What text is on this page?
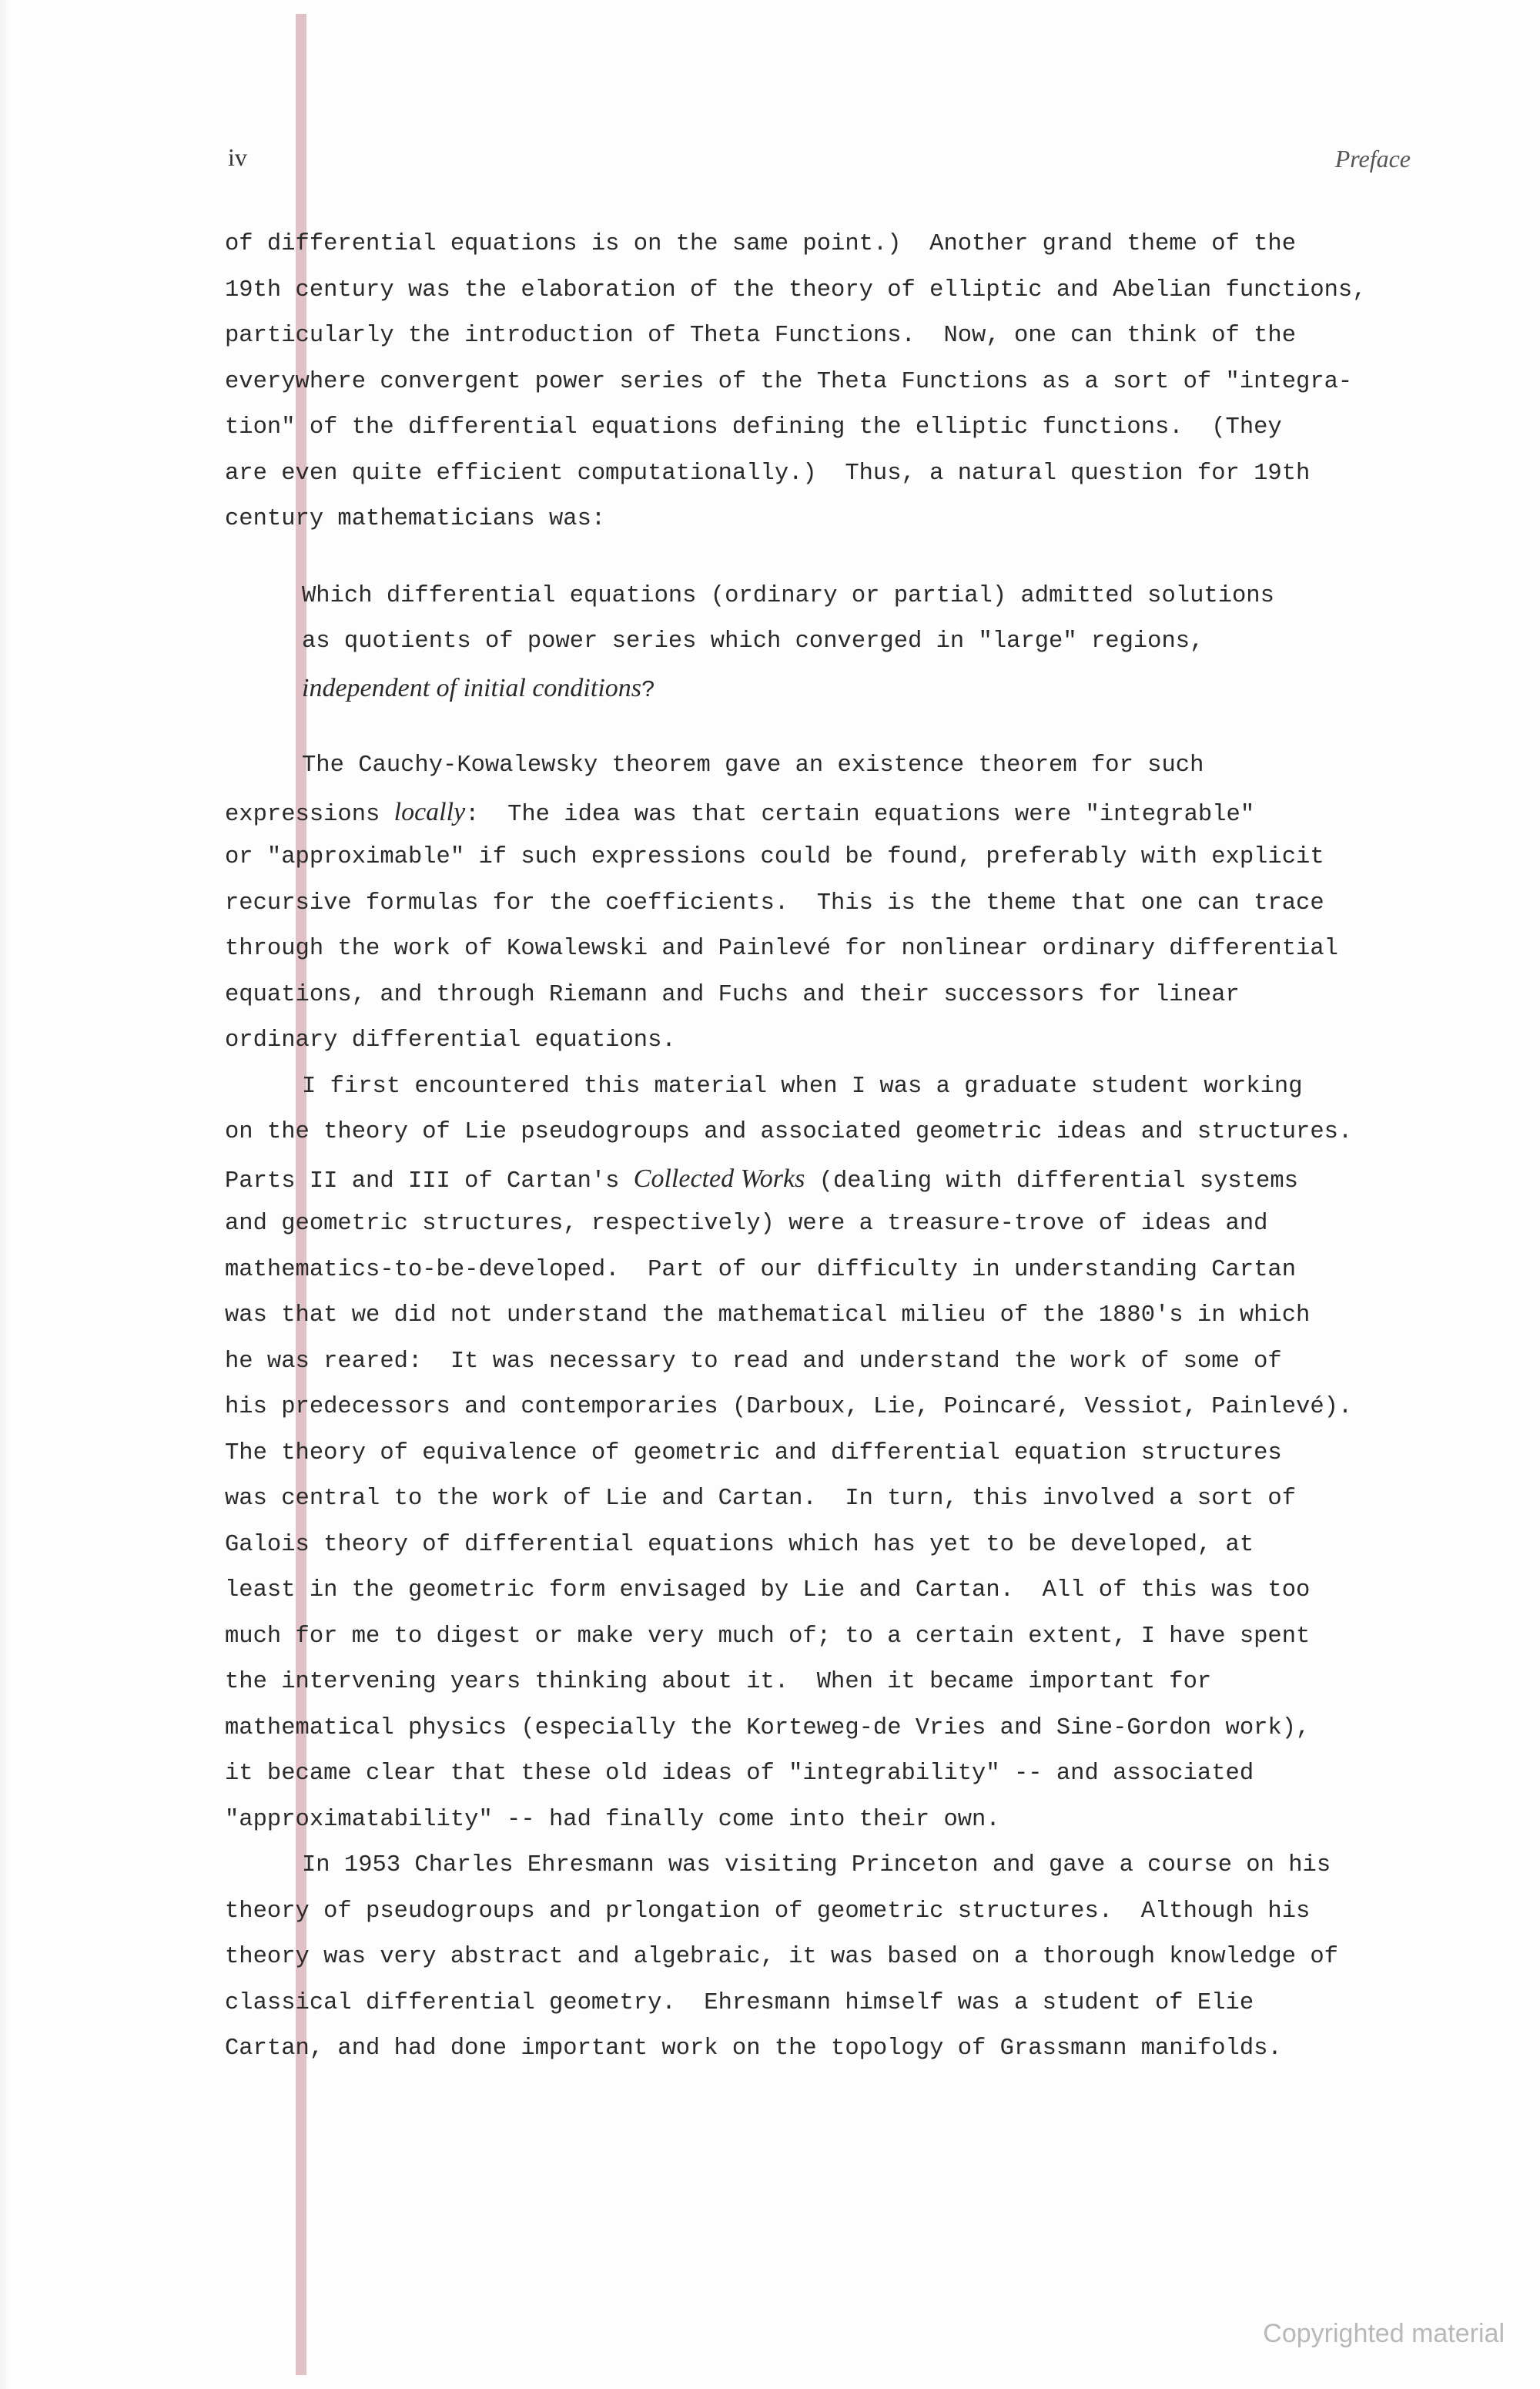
iv	Preface
of differential equations is on the same point.)  Another grand theme of the
19th century was the elaboration of the theory of elliptic and Abelian functions,
particularly the introduction of Theta Functions.  Now, one can think of the
everywhere convergent power series of the Theta Functions as a sort of "integra-
tion" of the differential equations defining the elliptic functions.  (They
are even quite efficient computationally.)  Thus, a natural question for 19th
century mathematicians was:
Which differential equations (ordinary or partial) admitted solutions
as quotients of power series which converged in "large" regions,
independent of initial conditions?
The Cauchy-Kowalewsky theorem gave an existence theorem for such
expressions locally:  The idea was that certain equations were "integrable"
or "approximable" if such expressions could be found, preferably with explicit
recursive formulas for the coefficients.  This is the theme that one can trace
through the work of Kowalewski and Painlevé for nonlinear ordinary differential
equations, and through Riemann and Fuchs and their successors for linear
ordinary differential equations.
I first encountered this material when I was a graduate student working
on the theory of Lie pseudogroups and associated geometric ideas and structures.
Parts II and III of Cartan's Collected Works (dealing with differential systems
and geometric structures, respectively) were a treasure-trove of ideas and
mathematics-to-be-developed.  Part of our difficulty in understanding Cartan
was that we did not understand the mathematical milieu of the 1880's in which
he was reared:  It was necessary to read and understand the work of some of
his predecessors and contemporaries (Darboux, Lie, Poincaré, Vessiot, Painlevé).
The theory of equivalence of geometric and differential equation structures
was central to the work of Lie and Cartan.  In turn, this involved a sort of
Galois theory of differential equations which has yet to be developed, at
least in the geometric form envisaged by Lie and Cartan.  All of this was too
much for me to digest or make very much of; to a certain extent, I have spent
the intervening years thinking about it.  When it became important for
mathematical physics (especially the Korteweg-de Vries and Sine-Gordon work),
it became clear that these old ideas of "integrability" -- and associated
"approximatability" -- had finally come into their own.
In 1953 Charles Ehresmann was visiting Princeton and gave a course on his
theory of pseudogroups and prlongation of geometric structures.  Although his
theory was very abstract and algebraic, it was based on a thorough knowledge of
classical differential geometry.  Ehresmann himself was a student of Elie
Cartan, and had done important work on the topology of Grassmann manifolds.
Copyrighted material
